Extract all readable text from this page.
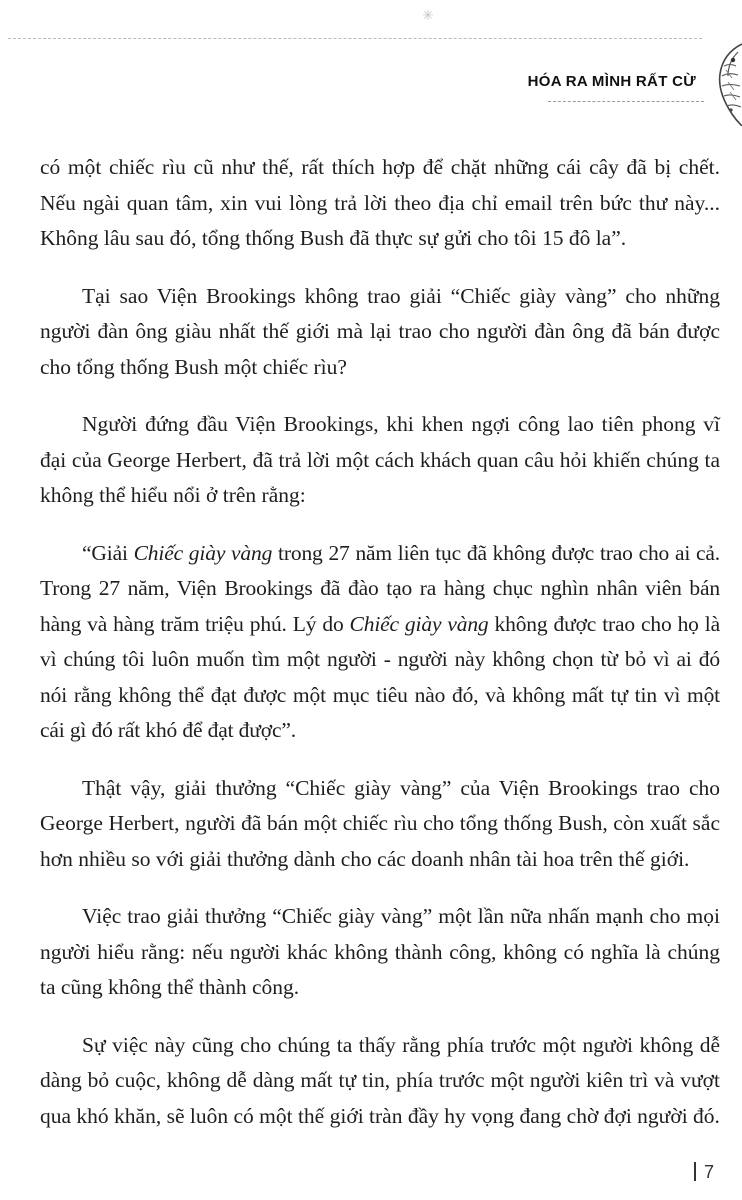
✳
HÓA RA MÌNH RẤT CỪ

có một chiếc rìu cũ như thế, rất thích hợp để chặt những cái cây đã bị chết. Nếu ngài quan tâm, xin vui lòng trả lời theo địa chỉ email trên bức thư này... Không lâu sau đó, tổng thống Bush đã thực sự gửi cho tôi 15 đô la”.

Tại sao Viện Brookings không trao giải “Chiếc giày vàng” cho những người đàn ông giàu nhất thế giới mà lại trao cho người đàn ông đã bán được cho tổng thống Bush một chiếc rìu?

Người đứng đầu Viện Brookings, khi khen ngợi công lao tiên phong vĩ đại của George Herbert, đã trả lời một cách khách quan câu hỏi khiến chúng ta không thể hiểu nổi ở trên rằng:

“Giải Chiếc giày vàng trong 27 năm liên tục đã không được trao cho ai cả. Trong 27 năm, Viện Brookings đã đào tạo ra hàng chục nghìn nhân viên bán hàng và hàng trăm triệu phú. Lý do Chiếc giày vàng không được trao cho họ là vì chúng tôi luôn muốn tìm một người - người này không chọn từ bỏ vì ai đó nói rằng không thể đạt được một mục tiêu nào đó, và không mất tự tin vì một cái gì đó rất khó để đạt được”.

Thật vậy, giải thưởng “Chiếc giày vàng” của Viện Brookings trao cho George Herbert, người đã bán một chiếc rìu cho tổng thống Bush, còn xuất sắc hơn nhiều so với giải thưởng dành cho các doanh nhân tài hoa trên thế giới.

Việc trao giải thưởng “Chiếc giày vàng” một lần nữa nhấn mạnh cho mọi người hiểu rằng: nếu người khác không thành công, không có nghĩa là chúng ta cũng không thể thành công.

Sự việc này cũng cho chúng ta thấy rằng phía trước một người không dễ dàng bỏ cuộc, không dễ dàng mất tự tin, phía trước một người kiên trì và vượt qua khó khăn, sẽ luôn có một thế giới tràn đầy hy vọng đang chờ đợi người đó.

7
